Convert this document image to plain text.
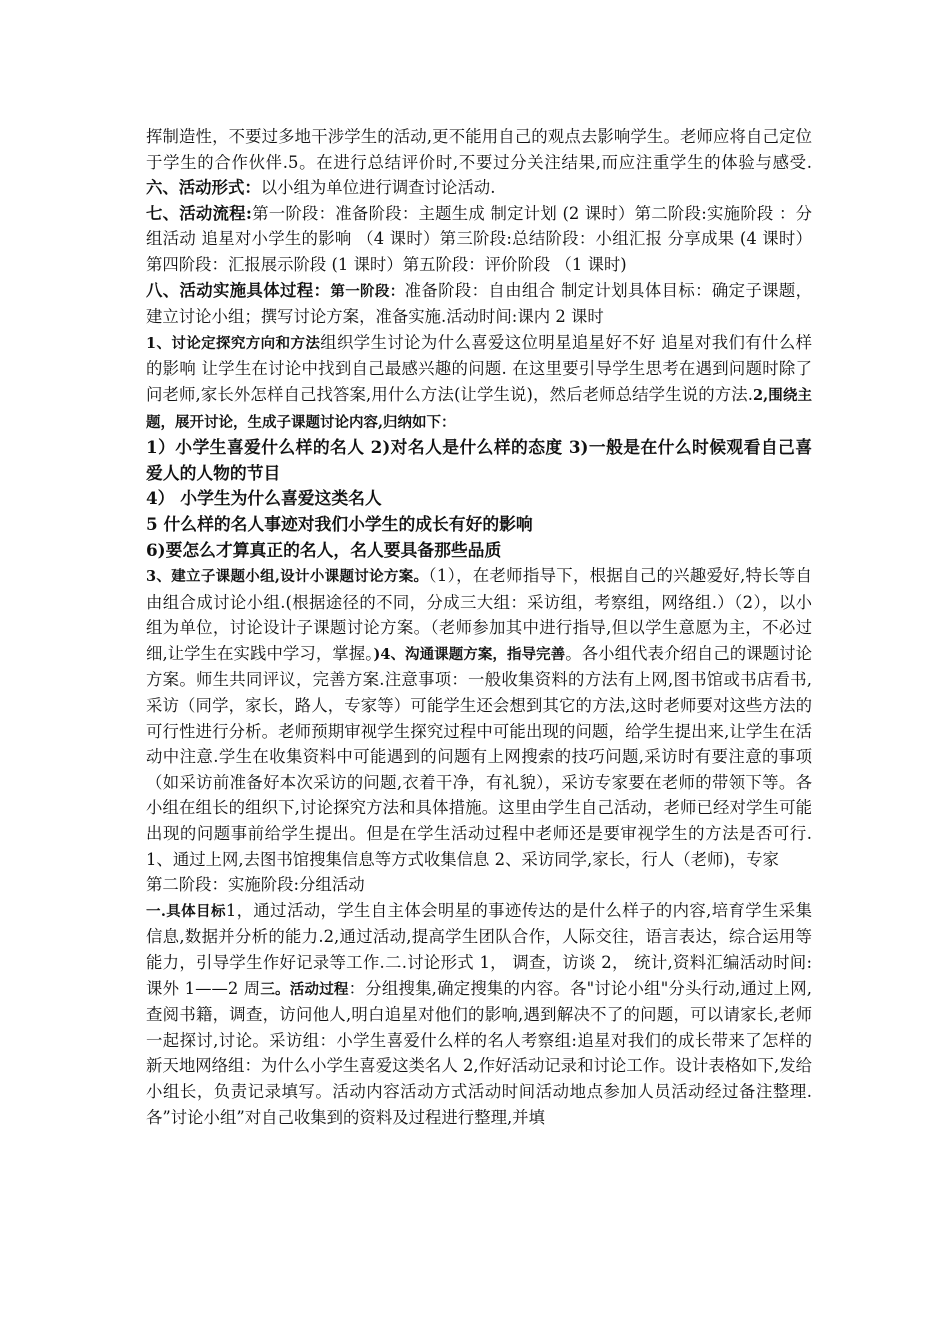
挥制造性，不要过多地干涉学生的活动,更不能用自己的观点去影响学生。老师应将自己定位于学生的合作伙伴.5。在进行总结评价时,不要过分关注结果,而应注重学生的体验与感受.六、活动形式：以小组为单位进行调查讨论活动.

七、活动流程:第一阶段：准备阶段：主题生成 制定计划 (2 课时）第二阶段:实施阶段 ：分组活动 追星对小学生的影响 （4 课时）第三阶段:总结阶段：小组汇报 分享成果 (4 课时）第四阶段：汇报展示阶段 (1 课时）第五阶段：评价阶段 （1 课时)

八、活动实施具体过程：第一阶段：准备阶段：自由组合 制定计划具体目标：确定子课题，建立讨论小组；撰写讨论方案，准备实施.活动时间:课内 2 课时

1、讨论定探究方向和方法组织学生讨论为什么喜爱这位明星追星好不好 追星对我们有什么样的影响 让学生在讨论中找到自己最感兴趣的问题. 在这里要引导学生思考在遇到问题时除了问老师,家长外怎样自己找答案,用什么方法(让学生说)，然后老师总结学生说的方法.2,围绕主题，展开讨论，生成子课题讨论内容,归纳如下：

1）小学生喜爱什么样的名人 2)对名人是什么样的态度 3)一般是在什么时候观看自己喜爱人的人物的节目

4） 小学生为什么喜爱这类名人

5 什么样的名人事迹对我们小学生的成长有好的影响

6)要怎么才算真正的名人，名人要具备那些品质

3、建立子课题小组,设计小课题讨论方案。（1），在老师指导下，根据自己的兴趣爱好,特长等自由组合成讨论小组.(根据途径的不同，分成三大组：采访组，考察组，网络组.）（2），以小组为单位，讨论设计子课题讨论方案。（老师参加其中进行指导,但以学生意愿为主，不必过细,让学生在实践中学习，掌握。)4、沟通课题方案，指导完善。各小组代表介绍自己的课题讨论方案。师生共同评议，完善方案.注意事项：一般收集资料的方法有上网,图书馆或书店看书,采访（同学，家长，路人，专家等）可能学生还会想到其它的方法,这时老师要对这些方法的可行性进行分析。老师预期审视学生探究过程中可能出现的问题，给学生提出来,让学生在活动中注意.学生在收集资料中可能遇到的问题有上网搜索的技巧问题,采访时有要注意的事项（如采访前准备好本次采访的问题,衣着干净，有礼貌），采访专家要在老师的带领下等。各小组在组长的组织下,讨论探究方法和具体措施。这里由学生自己活动，老师已经对学生可能出现的问题事前给学生提出。但是在学生活动过程中老师还是要审视学生的方法是否可行.1、通过上网,去图书馆搜集信息等方式收集信息 2、采访同学,家长，行人（老师)，专家

第二阶段：实施阶段:分组活动

一.具体目标1，通过活动，学生自主体会明星的事迹传达的是什么样子的内容,培育学生采集信息,数据并分析的能力.2,通过活动,提高学生团队合作，人际交往，语言表达，综合运用等能力，引导学生作好记录等工作.二.讨论形式 1， 调查，访谈 2， 统计,资料汇编活动时间:课外 1——2 周三。活动过程：分组搜集,确定搜集的内容。各"讨论小组"分头行动,通过上网,查阅书籍，调查，访问他人,明白追星对他们的影响,遇到解决不了的问题，可以请家长,老师一起探讨,讨论。采访组：小学生喜爱什么样的名人考察组:追星对我们的成长带来了怎样的新天地网络组：为什么小学生喜爱这类名人 2,作好活动记录和讨论工作。设计表格如下,发给小组长，负责记录填写。活动内容活动方式活动时间活动地点参加人员活动经过备注整理.各”讨论小组”对自己收集到的资料及过程进行整理,并填
